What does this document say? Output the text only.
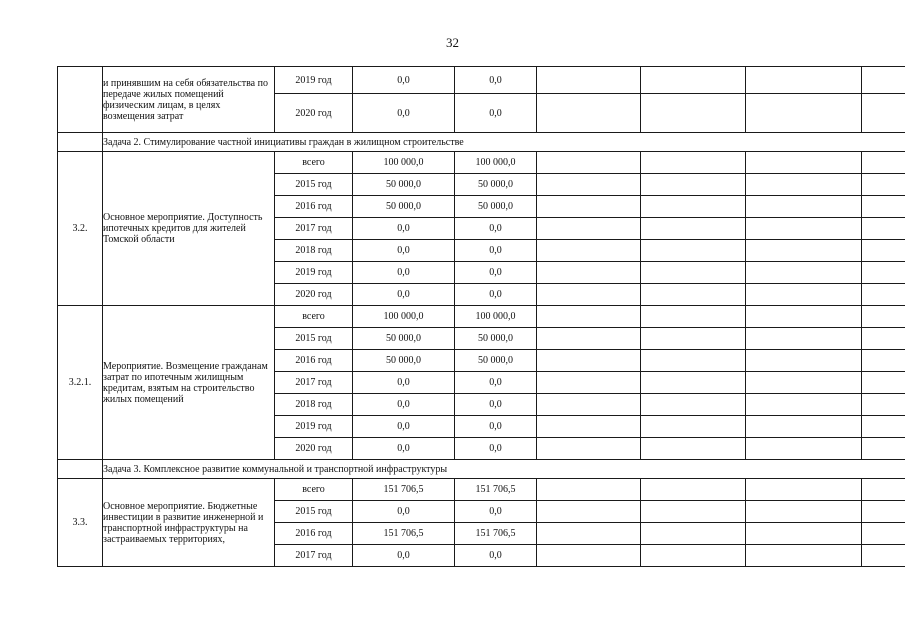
32
	и принявшим на себя обязательства по передаче жилых помещений физическим лицам, в целях возмещения затрат	2019 год	0,0	0,0				
		2020 год	0,0	0,0				
	Задача 2. Стимулирование частной инициативы граждан в жилищном строительстве							
3.2.	Основное мероприятие. Доступность ипотечных кредитов для жителей Томской области	всего	100 000,0	100 000,0				
		2015 год	50 000,0	50 000,0				
		2016 год	50 000,0	50 000,0				
		2017 год	0,0	0,0				
		2018 год	0,0	0,0				
		2019 год	0,0	0,0				
		2020 год	0,0	0,0				
3.2.1.	Мероприятие. Возмещение гражданам затрат по ипотечным жилищным кредитам, взятым на строительство жилых помещений	всего	100 000,0	100 000,0				
		2015 год	50 000,0	50 000,0				
		2016 год	50 000,0	50 000,0				
		2017 год	0,0	0,0				
		2018 год	0,0	0,0				
		2019 год	0,0	0,0				
		2020 год	0,0	0,0				
	Задача 3. Комплексное развитие коммунальной и транспортной инфраструктуры							
3.3.	Основное мероприятие. Бюджетные инвестиции в развитие инженерной и транспортной инфраструктуры на застраиваемых территориях,	всего	151 706,5	151 706,5				
		2015 год	0,0	0,0				
		2016 год	151 706,5	151 706,5				
		2017 год	0,0	0,0				
